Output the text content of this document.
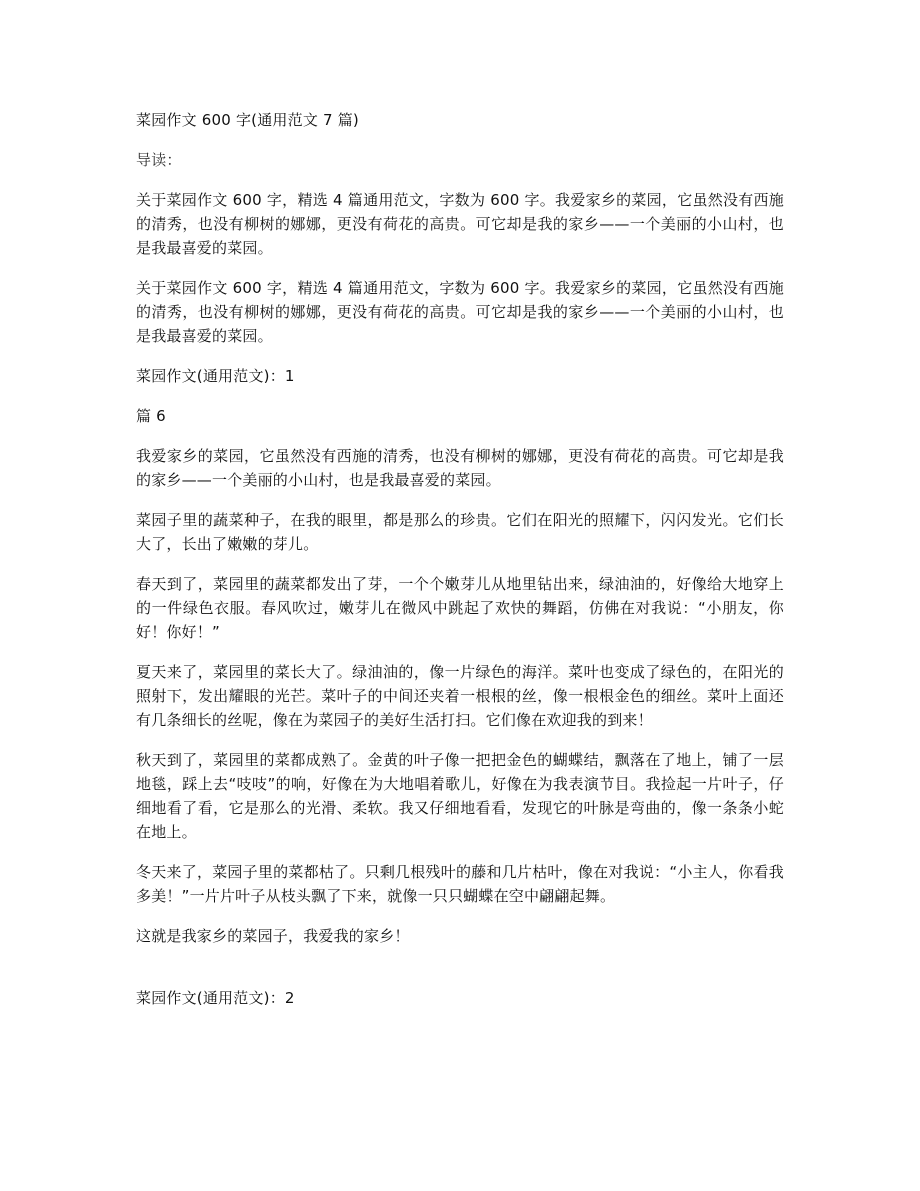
菜园作文 600 字(通用范文 7 篇)

导读：

关于菜园作文 600 字，精选 4 篇通用范文，字数为 600 字。我爱家乡的菜园，它虽然没有西施的清秀，也没有柳树的娜娜，更没有荷花的高贵。可它却是我的家乡——一个美丽的小山村，也是我最喜爱的菜园。

关于菜园作文 600 字，精选 4 篇通用范文，字数为 600 字。我爱家乡的菜园，它虽然没有西施的清秀，也没有柳树的娜娜，更没有荷花的高贵。可它却是我的家乡——一个美丽的小山村，也是我最喜爱的菜园。

菜园作文(通用范文)：1

篇 6

我爱家乡的菜园，它虽然没有西施的清秀，也没有柳树的娜娜，更没有荷花的高贵。可它却是我的家乡——一个美丽的小山村，也是我最喜爱的菜园。

菜园子里的蔬菜种子，在我的眼里，都是那么的珍贵。它们在阳光的照耀下，闪闪发光。它们长大了，长出了嫩嫩的芽儿。

春天到了，菜园里的蔬菜都发出了芽，一个个嫩芽儿从地里钻出来，绿油油的，好像给大地穿上的一件绿色衣服。春风吹过，嫩芽儿在微风中跳起了欢快的舞蹈，仿佛在对我说：“小朋友，你好！你好！”

夏天来了，菜园里的菜长大了。绿油油的，像一片绿色的海洋。菜叶也变成了绿色的，在阳光的照射下，发出耀眼的光芒。菜叶子的中间还夹着一根根的丝，像一根根金色的细丝。菜叶上面还有几条细长的丝呢，像在为菜园子的美好生活打扫。它们像在欢迎我的到来！

秋天到了，菜园里的菜都成熟了。金黄的叶子像一把把金色的蝴蝶结，飘落在了地上，铺了一层地毯，踩上去“吱吱”的响，好像在为大地唱着歌儿，好像在为我表演节目。我捡起一片叶子，仔细地看了看，它是那么的光滑、柔软。我又仔细地看看，发现它的叶脉是弯曲的，像一条条小蛇在地上。

冬天来了，菜园子里的菜都枯了。只剩几根残叶的藤和几片枯叶，像在对我说：“小主人，你看我多美！”一片片叶子从枝头飘了下来，就像一只只蝴蝶在空中翩翩起舞。

这就是我家乡的菜园子，我爱我的家乡！

菜园作文(通用范文)：2
